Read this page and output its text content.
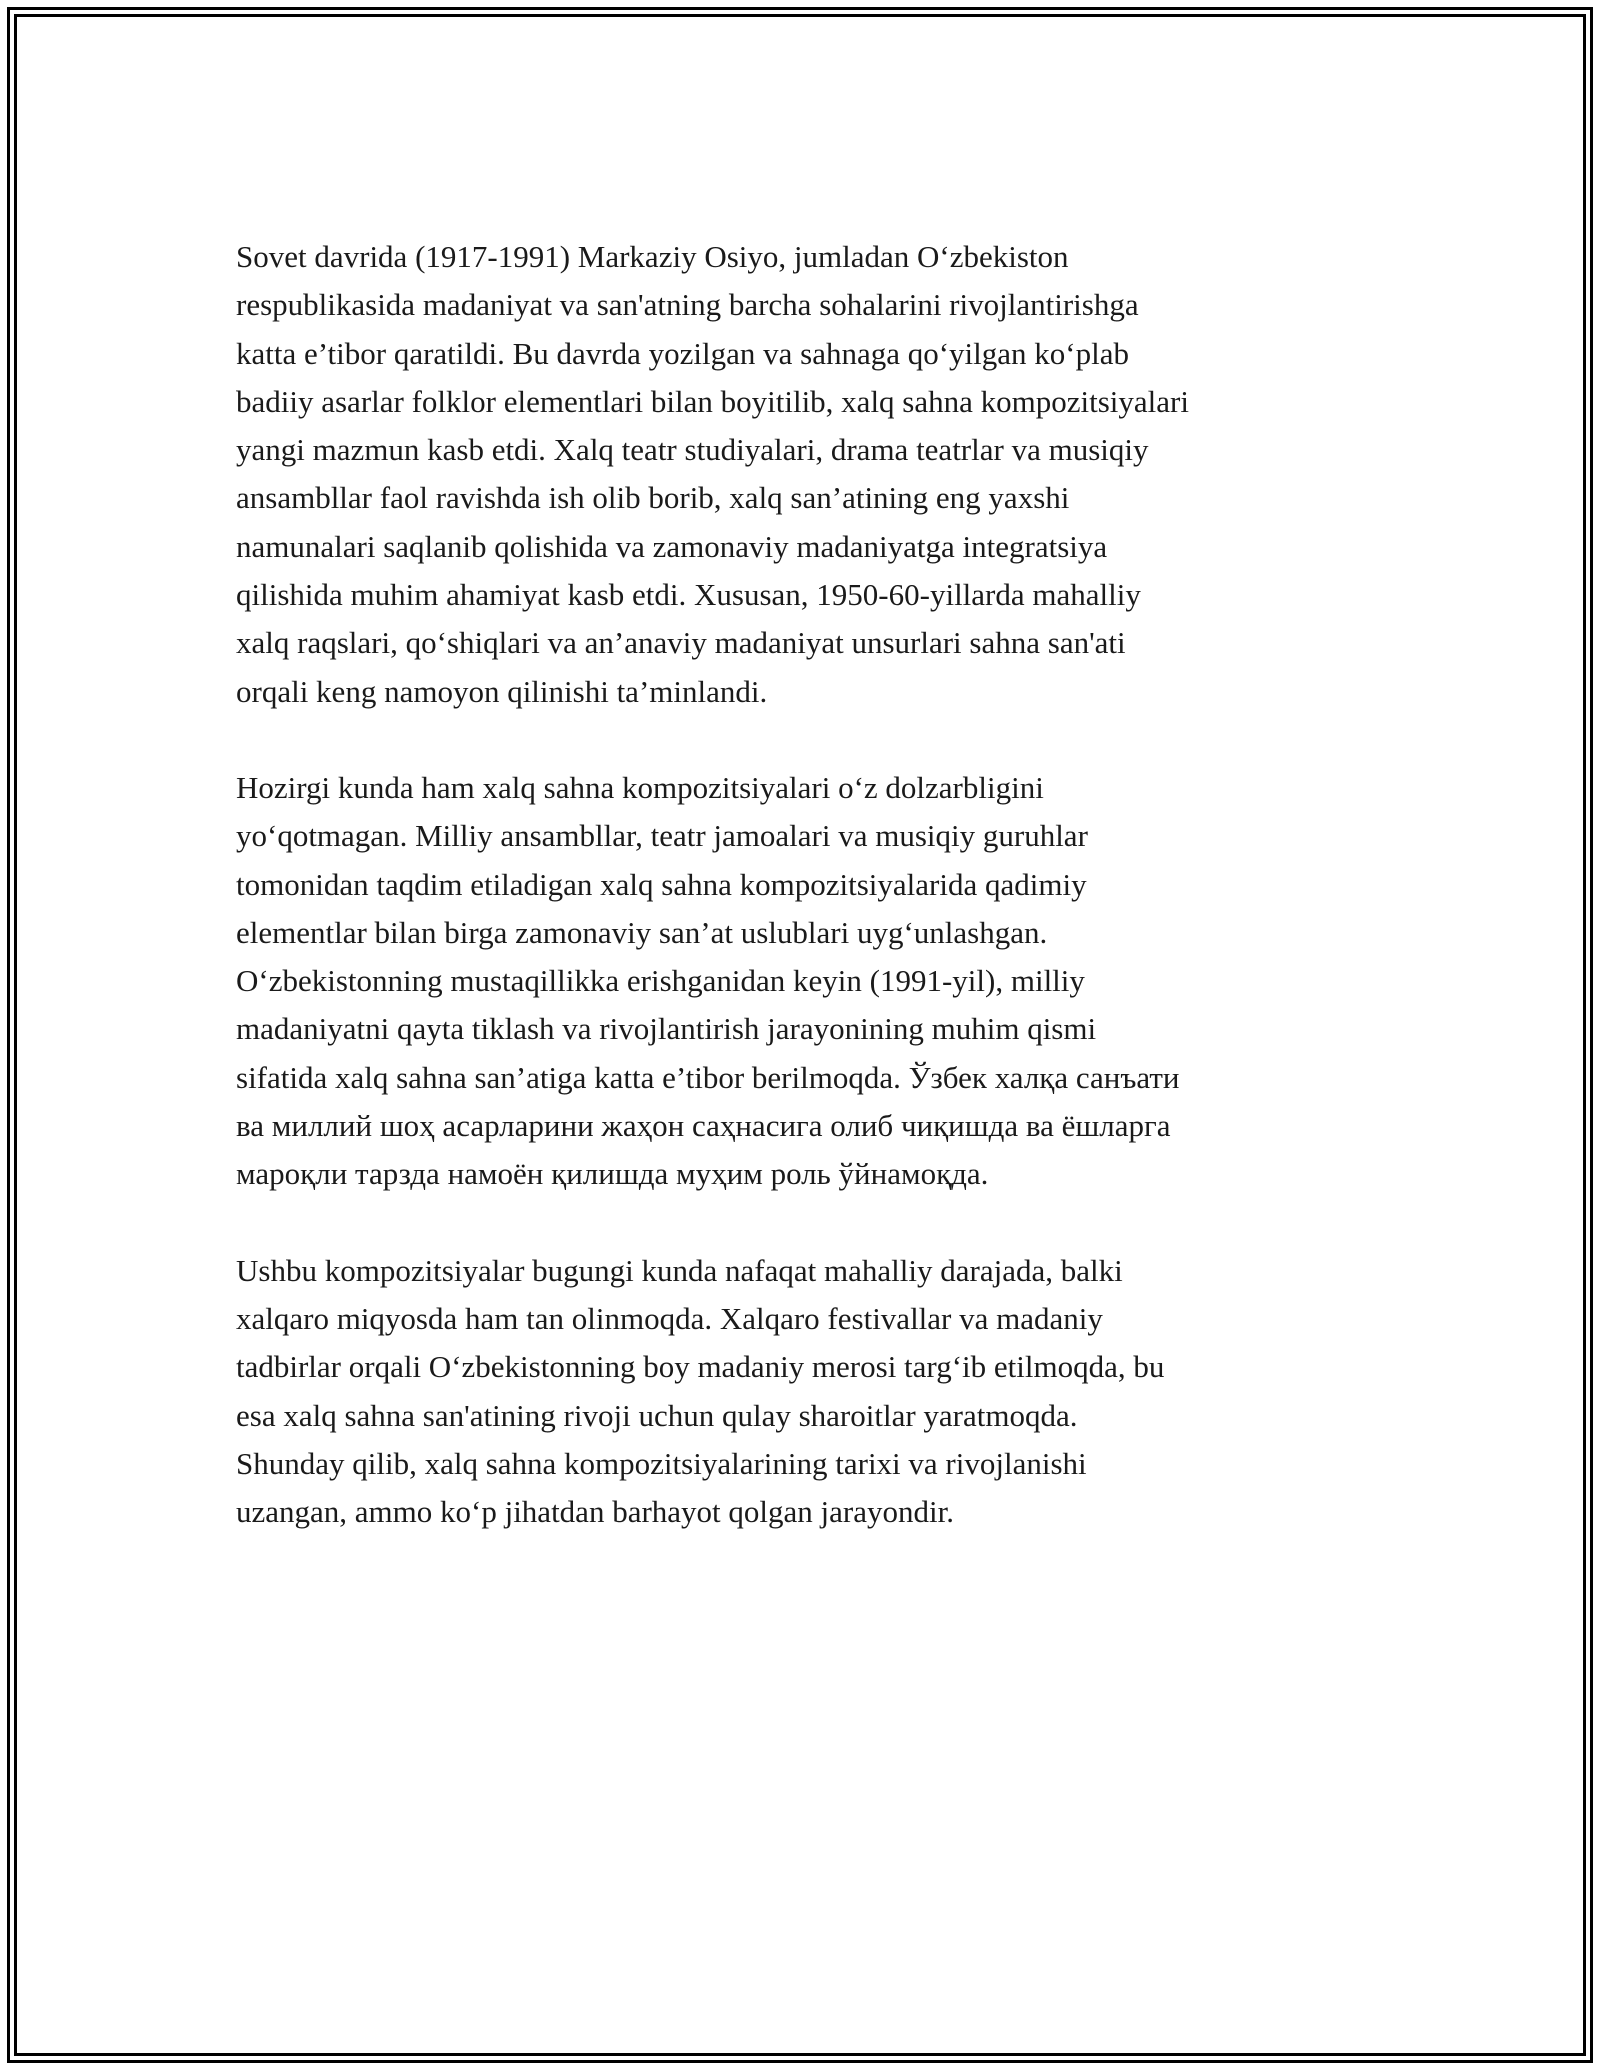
Sovet davrida (1917-1991) Markaziy Osiyo, jumladan O‘zbekiston
respublikasida madaniyat va san'atning barcha sohalarini rivojlantirishga
katta e’tibor qaratildi. Bu davrda yozilgan va sahnaga qo‘yilgan ko‘plab
badiiy asarlar folklor elementlari bilan boyitilib, xalq sahna kompozitsiyalari
yangi mazmun kasb etdi. Xalq teatr studiyalari, drama teatrlar va musiqiy
ansambllar faol ravishda ish olib borib, xalq san’atining eng yaxshi
namunalari saqlanib qolishida va zamonaviy madaniyatga integratsiya
qilishida muhim ahamiyat kasb etdi. Xususan, 1950-60-yillarda mahalliy
xalq raqslari, qo‘shiqlari va an’anaviy madaniyat unsurlari sahna san'ati
orqali keng namoyon qilinishi ta’minlandi.

Hozirgi kunda ham xalq sahna kompozitsiyalari o‘z dolzarbligini
yo‘qotmagan. Milliy ansambllar, teatr jamoalari va musiqiy guruhlar
tomonidan taqdim etiladigan xalq sahna kompozitsiyalarida qadimiy
elementlar bilan birga zamonaviy san’at uslublari uyg‘unlashgan.
O‘zbekistonning mustaqillikka erishganidan keyin (1991-yil), milliy
madaniyatni qayta tiklash va rivojlantirish jarayonining muhim qismi
sifatida xalq sahna san’atiga katta e’tibor berilmoqda. Ўзбек халқа санъати
ва миллий шоҳ асарларини жаҳон саҳнасига олиб чиқишда ва ёшларга
мароқли тарзда намоён қилишда муҳим роль ўйнамоқда.

Ushbu kompozitsiyalar bugungi kunda nafaqat mahalliy darajada, balki
xalqaro miqyosda ham tan olinmoqda. Xalqaro festivallar va madaniy
tadbirlar orqali O‘zbekistonning boy madaniy merosi targ‘ib etilmoqda, bu
esa xalq sahna san'atining rivoji uchun qulay sharoitlar yaratmoqda.
Shunday qilib, xalq sahna kompozitsiyalarining tarixi va rivojlanishi
uzangan, ammo ko‘p jihatdan barhayot qolgan jarayondir.
